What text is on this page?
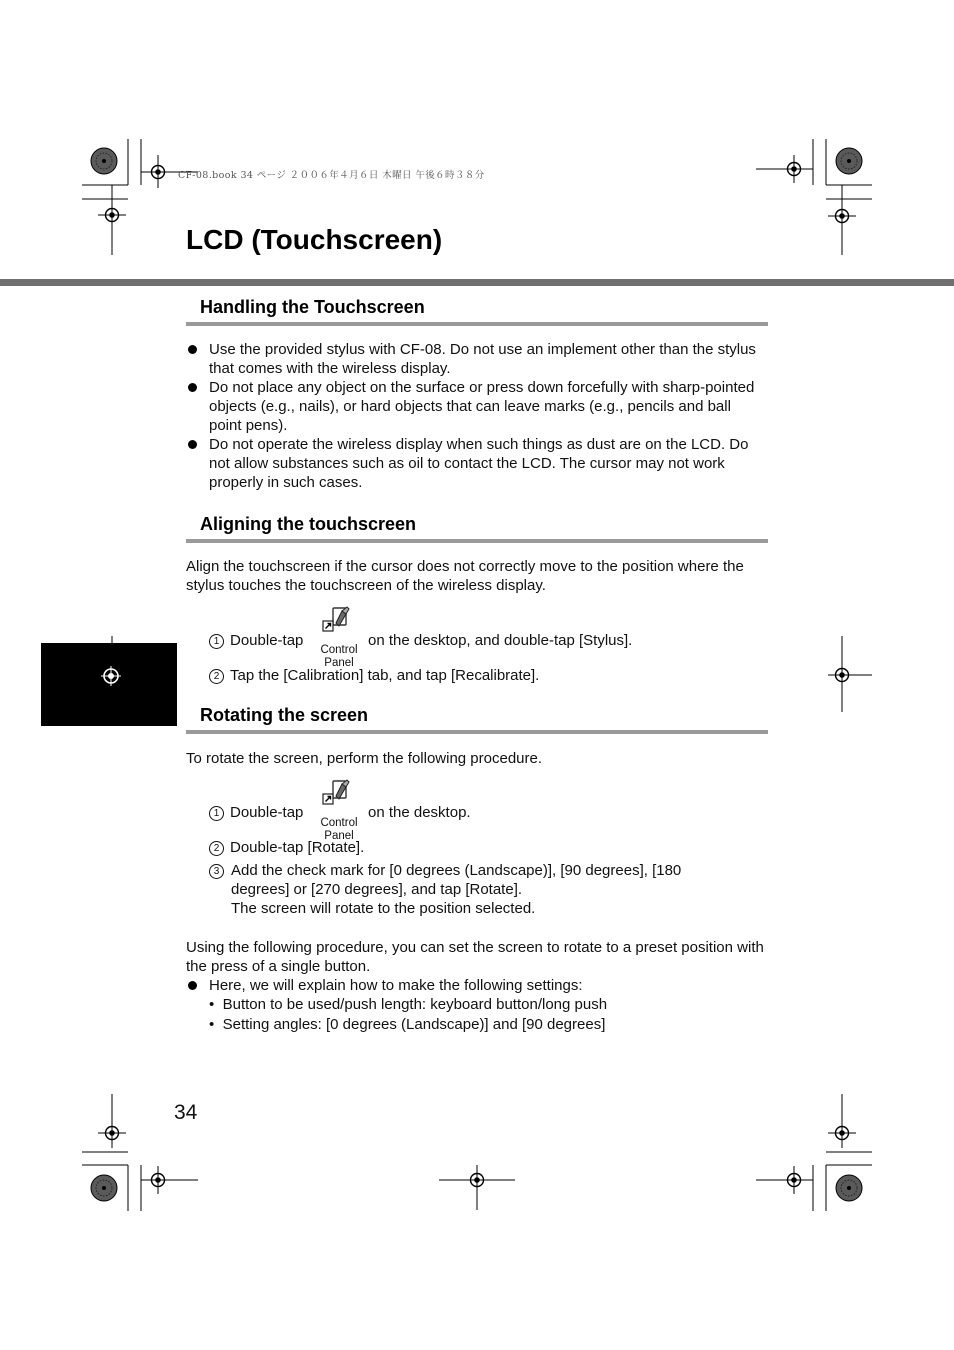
CF-08.book 34 ページ ２００６年４月６日 木曜日 午後６時３８分
LCD (Touchscreen)
Handling the Touchscreen
Use the provided stylus with CF-08. Do not use an implement other than the stylus that comes with the wireless display.
Do not place any object on the surface or press down forcefully with sharp-pointed objects (e.g., nails), or hard objects that can leave marks (e.g., pencils and ball point pens).
Do not operate the wireless display when such things as dust are on the LCD. Do not allow substances such as oil to contact the LCD. The cursor may not work properly in such cases.
Aligning the touchscreen
Align the touchscreen if the cursor does not correctly move to the position where the stylus touches the touchscreen of the wireless display.
1 Double-tap
Control
Panel
on the desktop, and double-tap [Stylus].
2 Tap the [Calibration] tab, and tap [Recalibrate].
Rotating the screen
To rotate the screen, perform the following procedure.
1 Double-tap
Control
Panel
on the desktop.
2 Double-tap [Rotate].
3 Add the check mark for [0 degrees (Landscape)], [90 degrees], [180 degrees] or [270 degrees], and tap [Rotate].
The screen will rotate to the position selected.
Using the following procedure, you can set the screen to rotate to a preset position with the press of a single button.
Here, we will explain how to make the following settings:
•  Button to be used/push length: keyboard button/long push
•  Setting angles: [0 degrees (Landscape)] and [90 degrees]
34
